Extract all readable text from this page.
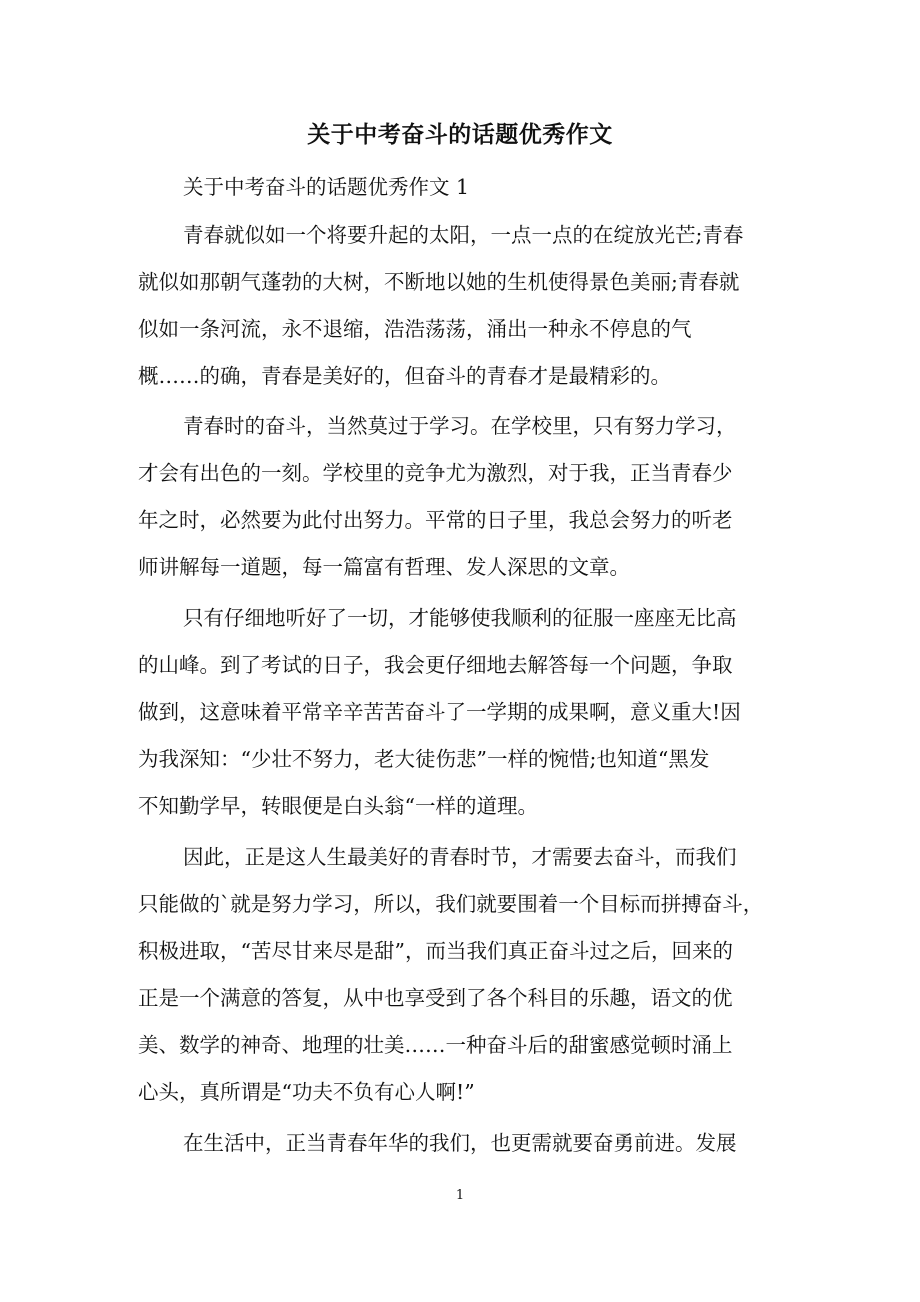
关于中考奋斗的话题优秀作文
关于中考奋斗的话题优秀作文 1
青春就似如一个将要升起的太阳，一点一点的在绽放光芒;青春
就似如那朝气蓬勃的大树，不断地以她的生机使得景色美丽;青春就
似如一条河流，永不退缩，浩浩荡荡，涌出一种永不停息的气
概……的确，青春是美好的，但奋斗的青春才是最精彩的。
青春时的奋斗，当然莫过于学习。在学校里，只有努力学习，
才会有出色的一刻。学校里的竞争尤为激烈，对于我，正当青春少
年之时，必然要为此付出努力。平常的日子里，我总会努力的听老
师讲解每一道题，每一篇富有哲理、发人深思的文章。
只有仔细地听好了一切，才能够使我顺利的征服一座座无比高
的山峰。到了考试的日子，我会更仔细地去解答每一个问题，争取
做到，这意味着平常辛辛苦苦奋斗了一学期的成果啊，意义重大!因
为我深知：“少壮不努力，老大徒伤悲”一样的惋惜;也知道“黑发
不知勤学早，转眼便是白头翁“一样的道理。
因此，正是这人生最美好的青春时节，才需要去奋斗，而我们
只能做的`就是努力学习，所以，我们就要围着一个目标而拼搏奋斗，
积极进取，“苦尽甘来尽是甜”，而当我们真正奋斗过之后，回来的
正是一个满意的答复，从中也享受到了各个科目的乐趣，语文的优
美、数学的神奇、地理的壮美……一种奋斗后的甜蜜感觉顿时涌上
心头，真所谓是“功夫不负有心人啊!”
在生活中，正当青春年华的我们，也更需就要奋勇前进。发展
1
